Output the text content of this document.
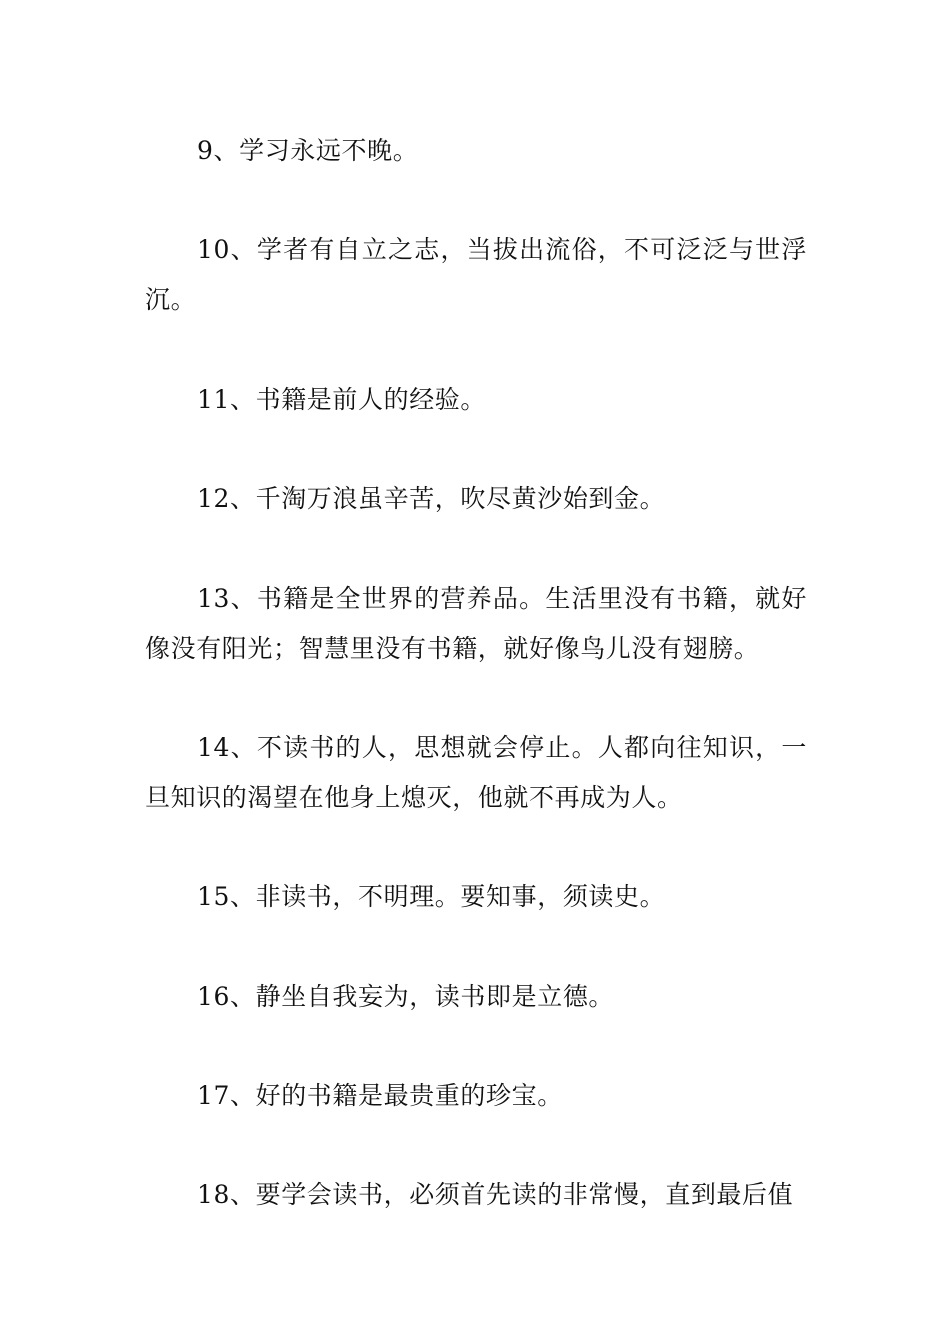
9、学习永远不晚。

10、学者有自立之志，当拔出流俗，不可泛泛与世浮沉。

11、书籍是前人的经验。

12、千淘万浪虽辛苦，吹尽黄沙始到金。

13、书籍是全世界的营养品。生活里没有书籍，就好像没有阳光；智慧里没有书籍，就好像鸟儿没有翅膀。

14、不读书的人，思想就会停止。人都向往知识，一旦知识的渴望在他身上熄灭，他就不再成为人。

15、非读书，不明理。要知事，须读史。

16、静坐自我妄为，读书即是立德。

17、好的书籍是最贵重的珍宝。

18、要学会读书，必须首先读的非常慢，直到最后值
